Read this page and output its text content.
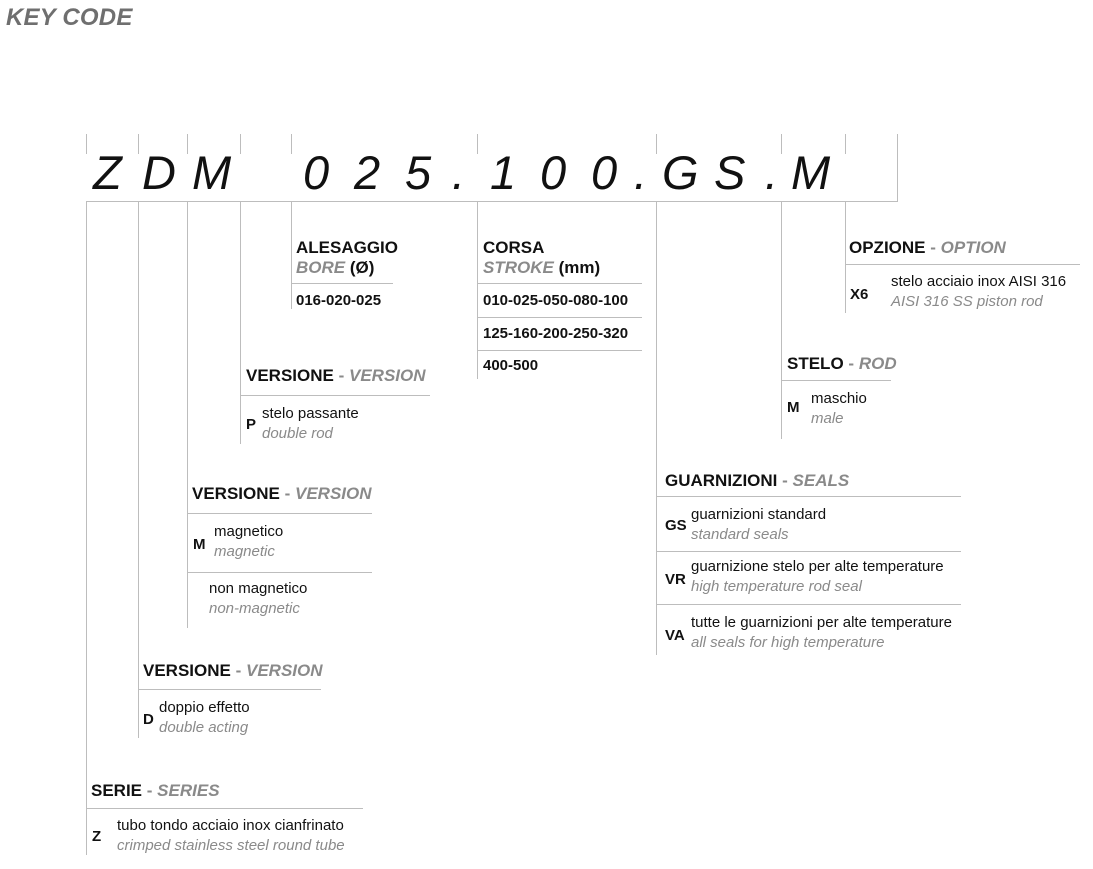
KEY CODE
Z D M 0 2 5 . 1 0 0 . G S . M
ALESAGGIO
BORE (Ø)
016-020-025
CORSA
STROKE (mm)
010-025-050-080-100
125-160-200-250-320
400-500
OPZIONE - OPTION
X6
stelo acciaio inox AISI 316
AISI 316 SS piston rod
STELO - ROD
M
maschio
male
VERSIONE - VERSION
P
stelo passante
double rod
GUARNIZIONI - SEALS
GS
guarnizioni standard
standard seals
VR
guarnizione stelo per alte temperature
high temperature rod seal
VA
tutte le guarnizioni per alte temperature
all seals for high temperature
VERSIONE - VERSION
M
magnetico
magnetic
non magnetico
non-magnetic
VERSIONE - VERSION
D
doppio effetto
double acting
SERIE - SERIES
Z
tubo tondo acciaio inox cianfrinato
crimped stainless steel round tube
